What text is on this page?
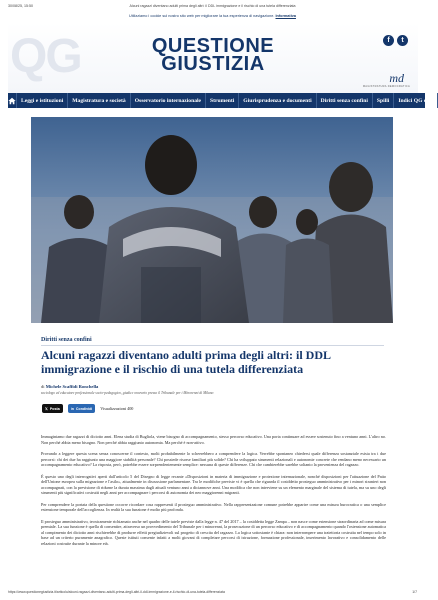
30/08/25, 15:50	Alcuni ragazzi diventano adulti prima degli altri: il DDL immigrazione e il rischio di una tutela differenziata
Utilizziamo i cookie sul nostro sito web per migliorare la tua esperienza di navigazione. Informativa
QG	QUESTIONE
GIUSTIZIA
f	t
md
MAGISTRATURA DEMOCRATICA
Leggi e istituzioni	Magistratura e società	Osservatorio internazionale	Strumenti	Giurisprudenza e documenti	Diritti senza confini	Spilli	Indici QG onli
Diritti senza confini
Alcuni ragazzi diventano adulti prima degli altri: il DDL immigrazione e il rischio di una tutela differenziata
di Michele Scaffidi Ronchella
sociologo ed educatore professionale socio-pedagogico, giudice onorario presso il Tribunale per i Minorenni di Milano
𝕏 Posta	in Condividi Visualizzazioni 400

Immaginiamo due ragazzi di diciotto anni. Elena studia di Bugliola, viene bisogno di accompagnamento, stesso percorso educativo. Una porta continuare ad essere sostenuto fino a ventuno anni. L'altro no. Non perché abbia meno bisogno. Non perché abbia raggiunto autonomia. Ma perché è non-attivo.

Provando a leggere questa scena senza conoscerne il contesto, molti probabilmente lo scheerebbero a comprendere la logica. Verrebbe spontaneo chiedersi quale differenza sostanziale esista tra i due percorsi: chi dei due ha raggiunto una maggiore stabilità personale? Chi possiede risorse familiari più solide? Chi ha sviluppato strumenti relazionali e autonomie concrete che rendano meno necessario un accompagnamento educativo? La risposta, però, potrebbe essere sorprendentemente semplice: nessuna di queste differenze. Chi che cambierebbe sarebbe soltanto la provenienza del ragazzo.

È questo uno degli interrogativi aperti dall'articolo 5 del Disegno di legge recante «Disposizioni in materia di immigrazione e protezione internazionale, nonché disposizioni per l'attuazione del Patto dell'Unione europea sulla migrazione e l'asilo», attualmente in discussione parlamentare. Tra le modifiche previste vi è quella che riguarda il cosiddetto prosieguo amministrativo per i minori stranieri non accompagnati, con la previsione di ridurne la durata massima dagli attuali ventuno anni a diciannove anni. Una modifica che non interviene su un elemento marginale del sistema di tutela, ma su uno degli strumenti più significativi costruiti negli anni per accompagnare i percorsi di autonomia dei neo maggiorenni migranti.

Per comprendere la portata della questione occorre ricordare cosa rappresenti il prosieguo amministrativo. Nella rappresentazione comune potrebbe apparire come una misura burocratica o una semplice estensione temporale dell'accoglienza. In realtà la sua funzione è molto più profonda.

Il prosieguo amministrativo, tecnicamente richiamato anche nel quadro delle tutele previste dalla legge n. 47 del 2017 – la cosiddetta legge Zampa – non nasce come estensione straordinaria ad come misura premiale. La sua funzione è quella di consentire, attraverso un provvedimento del Tribunale per i minorenni, la prosecuzione di un percorso educativo e di accompagnamento quando l'ostensione automatica al compimento dei diciotto anni rischierebbe di produrre effetti pregiudizievoli sul progetto di crescita del ragazzo. La logica sottostante è chiara: non interrompere una traiettoria costruita nel tempo solo in base ad un criterio puramente anagrafico. Queste istituti consente infatti a molti giovani di completare percorsi di istruzione, formazione professionale, inserimento lavorativo e consolidamento delle relazioni costruite durante la minore età.

https://www.questionegiustizia.it/articolo/alcuni-ragazzi-diventano-adulti-prima-degli-altri-il-ddl-immigrazione-e-il-rischio-di-una-tutela-differenziata	1/7
